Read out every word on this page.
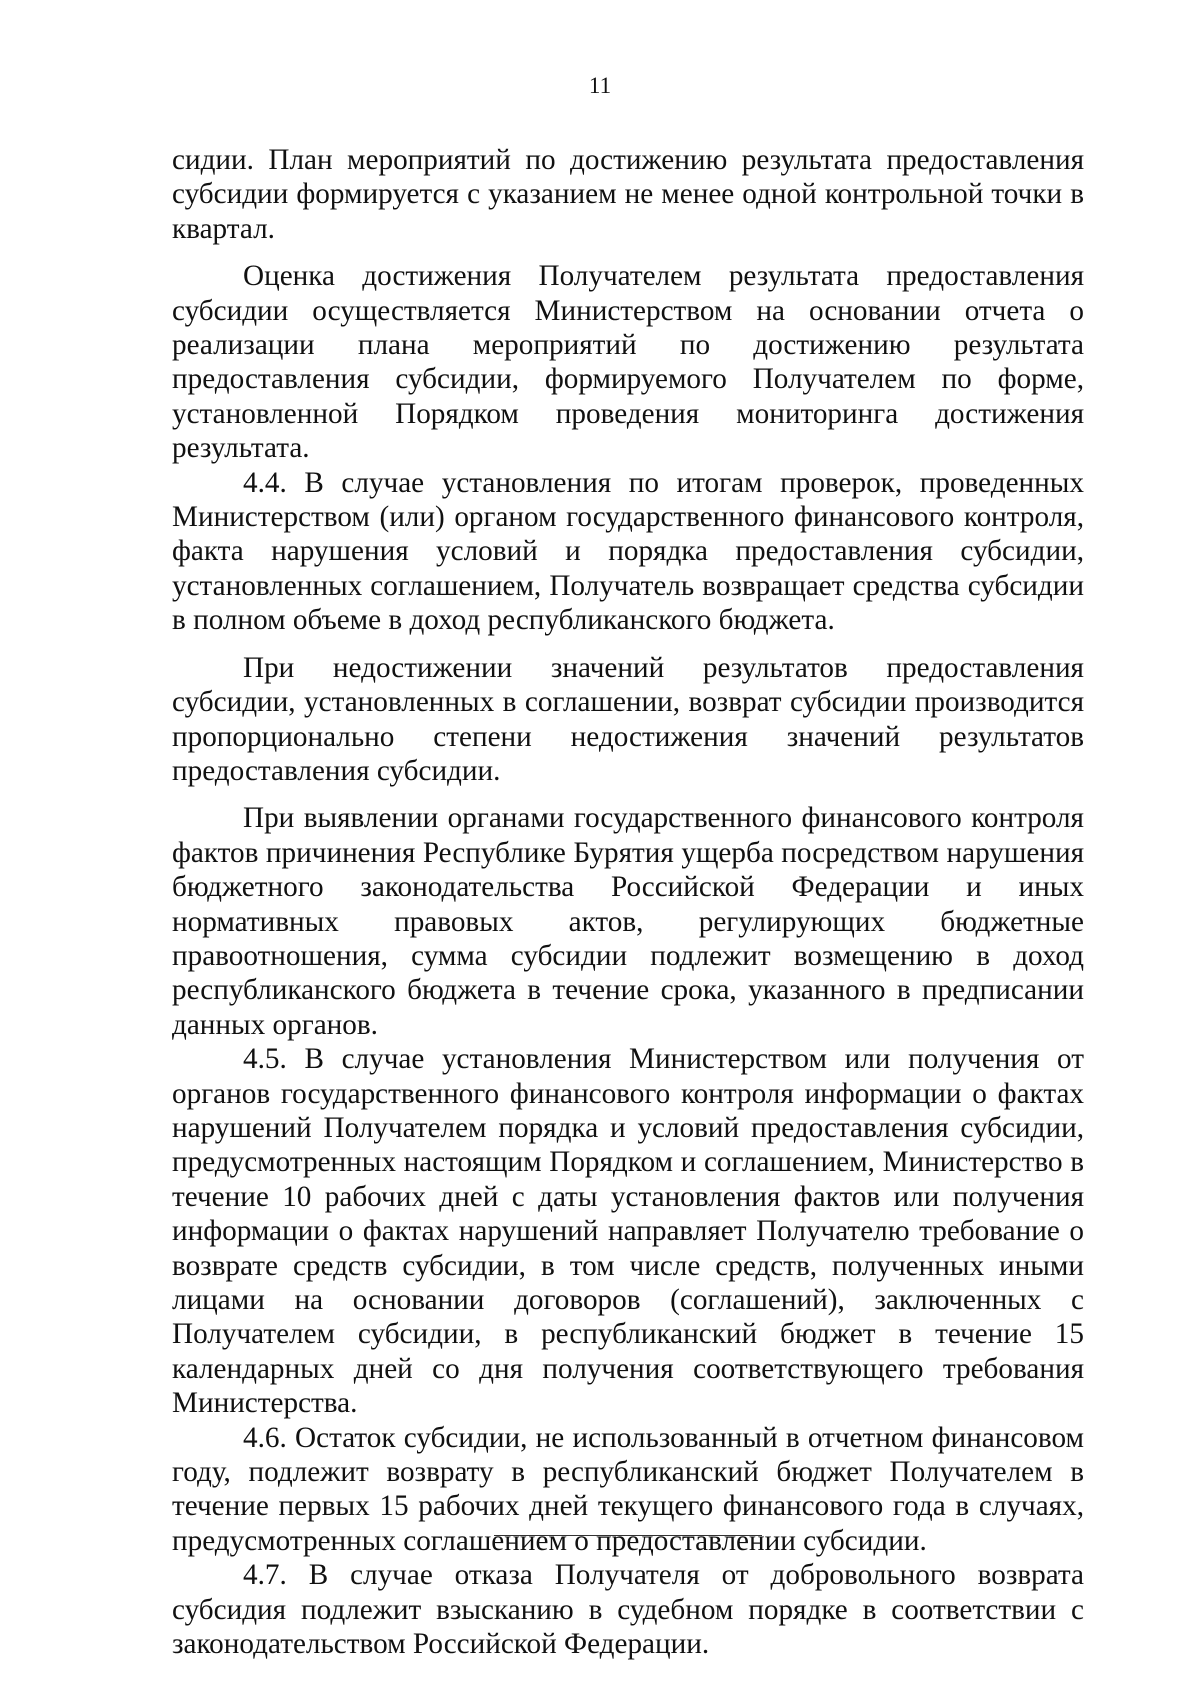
11

сидии. План мероприятий по достижению результата предоставления субсидии формируется с указанием не менее одной контрольной точки в квартал.

Оценка достижения Получателем результата предоставления субсидии осуществляется Министерством на основании отчета о реализации плана мероприятий по достижению результата предоставления субсидии, формируемого Получателем по форме, установленной Порядком проведения мониторинга достижения результата.

4.4. В случае установления по итогам проверок, проведенных Министерством (или) органом государственного финансового контроля, факта нарушения условий и порядка предоставления субсидии, установленных соглашением, Получатель возвращает средства субсидии в полном объеме в доход республиканского бюджета.

При недостижении значений результатов предоставления субсидии, установленных в соглашении, возврат субсидии производится пропорционально степени недостижения значений результатов предоставления субсидии.

При выявлении органами государственного финансового контроля фактов причинения Республике Бурятия ущерба посредством нарушения бюджетного законодательства Российской Федерации и иных нормативных правовых актов, регулирующих бюджетные правоотношения, сумма субсидии подлежит возмещению в доход республиканского бюджета в течение срока, указанного в предписании данных органов.

4.5. В случае установления Министерством или получения от органов государственного финансового контроля информации о фактах нарушений Получателем порядка и условий предоставления субсидии, предусмотренных настоящим Порядком и соглашением, Министерство в течение 10 рабочих дней с даты установления фактов или получения информации о фактах нарушений направляет Получателю требование о возврате средств субсидии, в том числе средств, полученных иными лицами на основании договоров (соглашений), заключенных с Получателем субсидии, в республиканский бюджет в течение 15 календарных дней со дня получения соответствующего требования Министерства.

4.6. Остаток субсидии, не использованный в отчетном финансовом году, подлежит возврату в республиканский бюджет Получателем в течение первых 15 рабочих дней текущего финансового года в случаях, предусмотренных соглашением о предоставлении субсидии.

4.7. В случае отказа Получателя от добровольного возврата субсидия подлежит взысканию в судебном порядке в соответствии с законодательством Российской Федерации.
